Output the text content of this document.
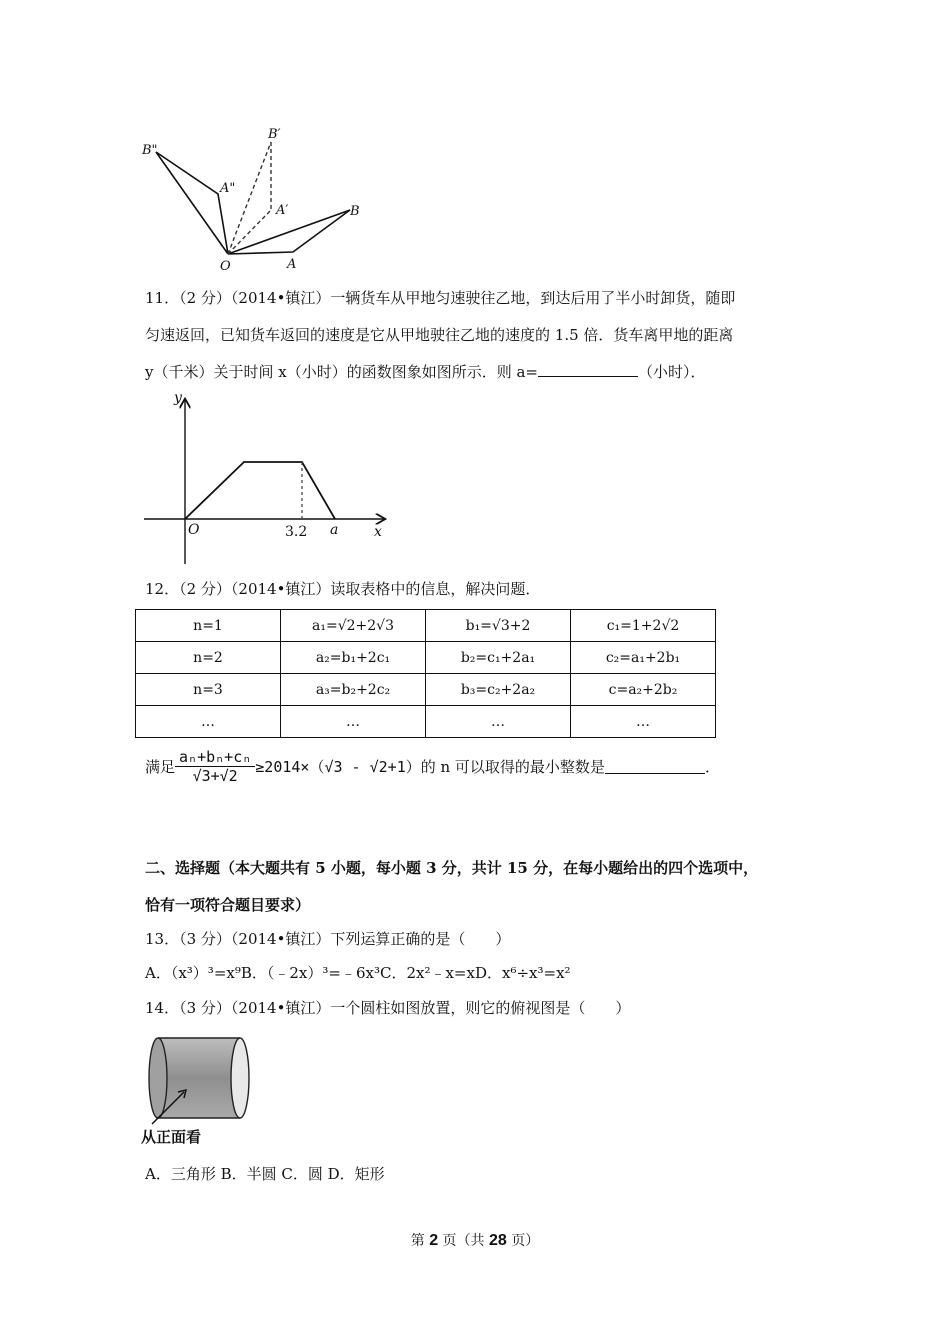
B"
B′
A"
A′	B
O	A
11．（2 分）（2014•镇江）一辆货车从甲地匀速驶往乙地，到达后用了半小时卸货，随即
匀速返回，已知货车返回的速度是它从甲地驶往乙地的速度的 1.5 倍．货车离甲地的距离
y（千米）关于时间 x（小时）的函数图象如图所示．则 a=	（小时）．
y
x
O	3.2 a
12．（2 分）（2014•镇江）读取表格中的信息，解决问题．
n=1	a₁=√2+2√3	b₁=√3+2	c₁=1+2√2
n=2	a₂=b₁+2c₁	b₂=c₁+2a₁	c₂=a₁+2b₁
n=3	a₃=b₂+2c₂	b₃=c₂+2a₂	c=a₂+2b₂
…	…	…	…
满足 $\frac{\text{aₙ+bₙ+cₙ}}{√3+√2} \ge 2014\times(√3 - √2+1)$ 的 n 可以取得的最小整数是	．
二、选择题（本大题共有 5 小题，每小题 3 分，共计 15 分，在每小题给出的四个选项中，
恰有一项符合题目要求）
13．（3 分）（2014•镇江）下列运算正确的是（　　）
A．（x³）³=x⁹B．（﹣2x）³=﹣6x³C．2x²﹣x=xD．x⁶÷x³=x²
14．（3 分）（2014•镇江）一个圆柱如图放置，则它的俯视图是（　　）
从正面看
A．三角形 B．半圆 C．圆 D．矩形
第 2 页（共 28 页）
